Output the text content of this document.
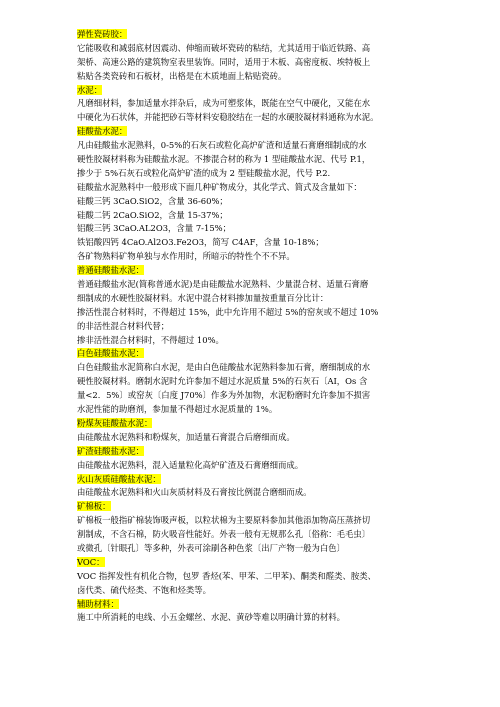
弹性瓷砖胶：
它能吸收和减弱底材因震动、伸缩而破坏瓷砖的粘结，尤其适用于临近铁路、高
架桥、高速公路的建筑物室表里装饰。同时，适用于木板、高密度板、埃特板上
粘贴各类瓷砖和石板材，出格是在木质地面上粘贴瓷砖。
水泥：
凡磨细材料，参加适量水拌杂后，成为可塑浆体，既能在空气中硬化，又能在水
中硬化为石状体，并能把砂石等材料安稳胶结在一起的水硬胶凝材料通称为水泥。
硅酸盐水泥：
凡由硅酸盐水泥熟料，0-5%的石灰石或粒化高炉矿渣和适量石膏磨细制成的水
硬性胶凝材料称为硅酸盐水泥。不掺混合材的称为 1 型硅酸盐水泥、代号 P.1，
掺少于 5%石灰石或粒化高炉矿渣的成为 2 型硅酸盐水泥，代号 P.2.
硅酸盐水泥熟料中一般形成下面几种矿物成分，其化学式、简式及含量如下：
硅酸三钙 3CaO.SiO2，含量 36-60%；
硅酸二钙 2CaO.SiO2，含量 15-37%；
铝酸三钙 3CaO.AL2O3，含量 7-15%；
铁铝酸四钙 4CaO.Al2O3.Fe2O3，简写 C4AF，含量 10-18%；
各矿物熟料矿物单独与水作用时，所暗示的特性个不不异。
普通硅酸盐水泥：
普通硅酸盐水泥(简称普通水泥)是由硅酸盐水泥熟料、少量混合材、适量石膏磨
细制成的水硬性胶凝材料。水泥中混合材料掺加量按重量百分比计：
掺活性混合材料时，不得超过 15%，此中允许用不超过 5%的窑灰或不超过 10%
的非活性混合材料代替；
掺非活性混合材料时，不得超过 10%。
白色硅酸盐水泥：
白色硅酸盐水泥简称白水泥，是由白色硅酸盐水泥熟料参加石膏，磨细制成的水
硬性胶凝材料。磨制水泥时允许参加不超过水泥质量 5%的石灰石〔AI，Os 含
量<2．5%〕或窑灰〔白度 J70%〕作多为外加物，水泥粉磨时允许参加不损害
水泥性能的助磨剂，参加量不得超过水泥质量的 1%。
粉煤灰硅酸盐水泥：
由硅酸盐水泥熟料和粉煤灰，加适量石膏混合后磨细而成。
矿渣硅酸盐水泥：
由硅酸盐水泥熟料，混入适量粒化高炉矿渣及石膏磨细而成。
火山灰质硅酸盐水泥：
由硅酸盐水泥熟料和火山灰质材料及石膏按比例混合磨细而成。
矿棉板：
矿棉板一般指矿棉装饰吸声板，以粒状棉为主要原料参加其他添加物高压蒸挤切
割制成，不含石棉，防火吸音性能好。外表一般有无规那么孔〔俗称：毛毛虫〕
或微孔〔针眼孔〕等多种，外表可涂刷各种色浆〔出厂产物一般为白色〕
VOC：
VOC 指挥发性有机化合物，包罗 香烃(苯、甲苯、二甲苯)、酮类和醛类、胺类、
卤代类、硫代烃类、不饱和烃类等。
辅助材料：
施工中所消耗的电线、小五金螺丝、水泥、黄砂等难以明确计算的材料。
